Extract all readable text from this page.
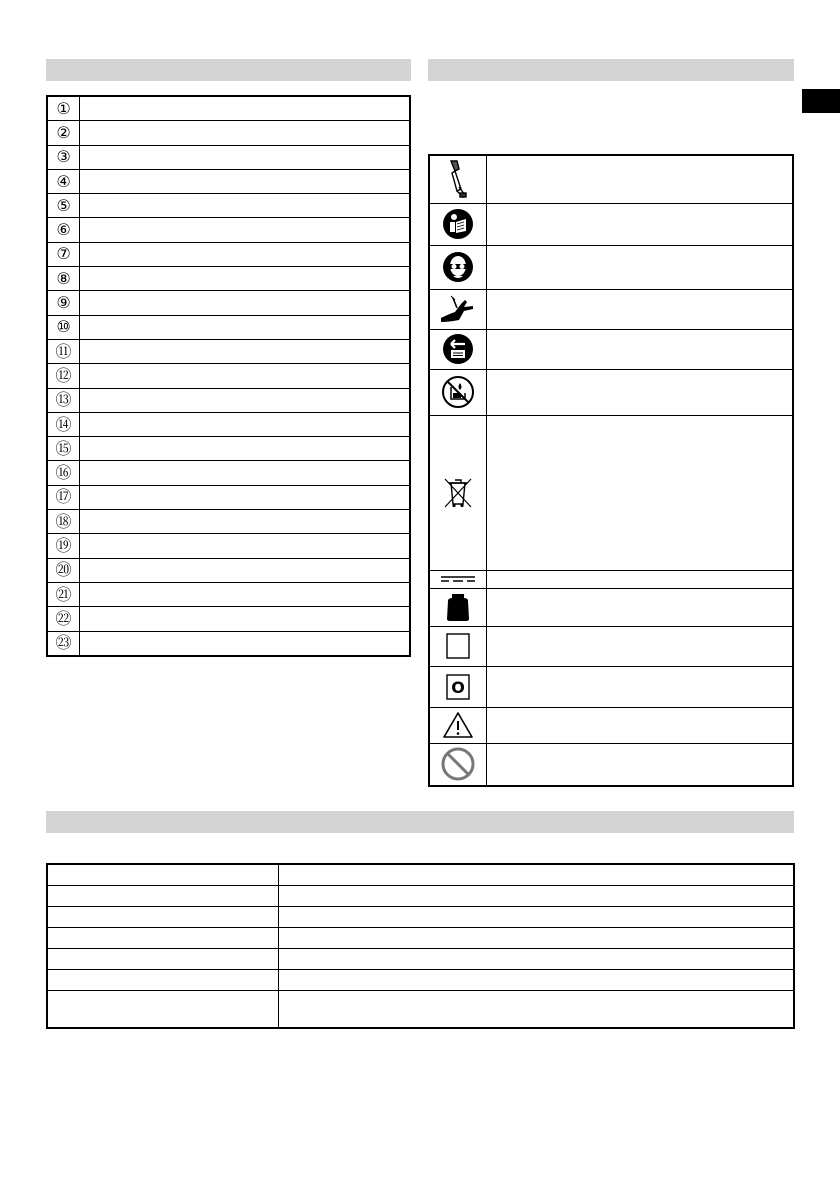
①	
②	
③	
④	
⑤	
⑥	
⑦	
⑧	
⑨	
⑩	
⑪	
⑫	
⑬	
⑭	
⑮	
⑯	
⑰	
⑱	
⑲	
⑳	
㉑	
㉒	
㉓	

O	
